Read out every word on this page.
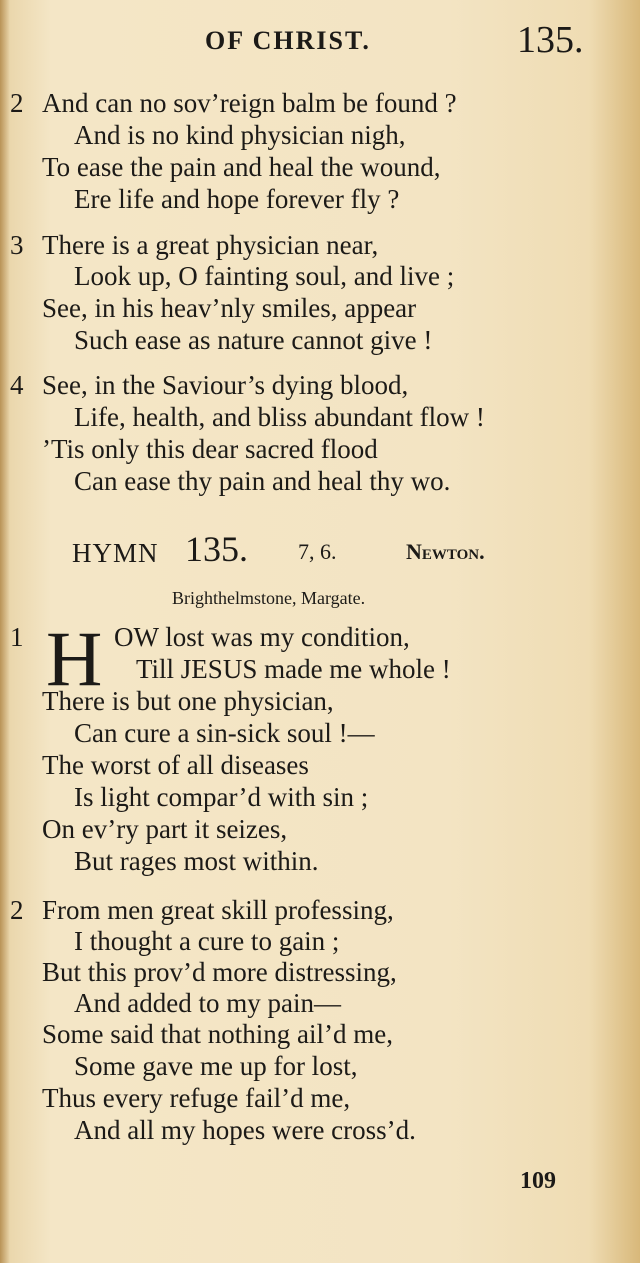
OF CHRIST.	135.
2 And can no sov’reign balm be found ?
And is no kind physician nigh,
To ease the pain and heal the wound,
Ere life and hope forever fly ?
3 There is a great physician near,
Look up, O fainting soul, and live ;
See, in his heav’nly smiles, appear
Such ease as nature cannot give !
4 See, in the Saviour’s dying blood,
Life, health, and bliss abundant flow !
’Tis only this dear sacred flood
Can ease thy pain and heal thy wo.
HYMN 135. 7, 6.	Newton.
Brighthelmstone, Margate.
H
1	OW lost was my condition,
Till JESUS made me whole !
There is but one physician,
Can cure a sin-sick soul !—
The worst of all diseases
Is light compar’d with sin ;
On ev’ry part it seizes,
But rages most within.
2 From men great skill professing,
I thought a cure to gain ;
But this prov’d more distressing,
And added to my pain—
Some said that nothing ail’d me,
Some gave me up for lost,
Thus every refuge fail’d me,
And all my hopes were cross’d.
109
